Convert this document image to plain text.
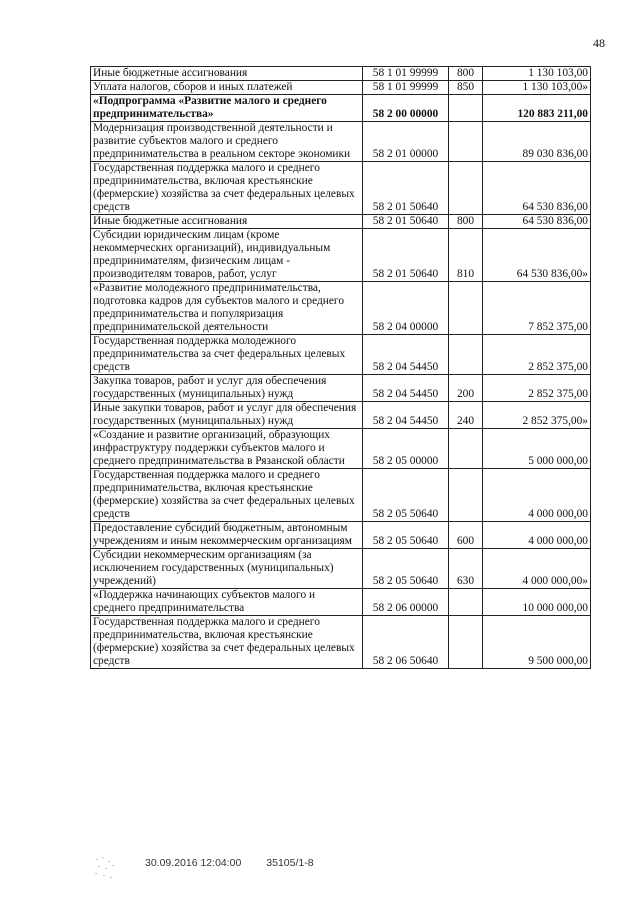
48
Иные бюджетные ассигнования	58 1 01 99999	800	1 130 103,00
Уплата налогов, сборов и иных платежей	58 1 01 99999	850	1 130 103,00»
«Подпрограмма «Развитие малого и среднего предпринимательства»	58 2 00 00000		120 883 211,00
Модернизация производственной деятельности и развитие субъектов малого и среднего предпринимательства в реальном секторе экономики	58 2 01 00000		89 030 836,00
Государственная поддержка малого и среднего предпринимательства, включая крестьянские (фермерские) хозяйства за счет федеральных целевых средств	58 2 01 50640		64 530 836,00
Иные бюджетные ассигнования	58 2 01 50640	800	64 530 836,00
Субсидии юридическим лицам (кроме некоммерческих организаций), индивидуальным предпринимателям, физическим лицам - производителям товаров, работ, услуг	58 2 01 50640	810	64 530 836,00»
«Развитие молодежного предпринимательства, подготовка кадров для субъектов малого и среднего предпринимательства и популяризация предпринимательской деятельности	58 2 04 00000		7 852 375,00
Государственная поддержка молодежного предпринимательства за счет федеральных целевых средств	58 2 04 54450		2 852 375,00
Закупка товаров, работ и услуг для обеспечения государственных (муниципальных) нужд	58 2 04 54450	200	2 852 375,00
Иные закупки товаров, работ и услуг для обеспечения государственных (муниципальных) нужд	58 2 04 54450	240	2 852 375,00»
«Создание и развитие организаций, образующих инфраструктуру поддержки субъектов малого и среднего предпринимательства в Рязанской области	58 2 05 00000		5 000 000,00
Государственная поддержка малого и среднего предпринимательства, включая крестьянские (фермерские) хозяйства за счет федеральных целевых средств	58 2 05 50640		4 000 000,00
Предоставление субсидий бюджетным, автономным учреждениям и иным некоммерческим организациям	58 2 05 50640	600	4 000 000,00
Субсидии некоммерческим организациям (за исключением государственных (муниципальных) учреждений)	58 2 05 50640	630	4 000 000,00»
«Поддержка начинающих субъектов малого и среднего предпринимательства	58 2 06 00000		10 000 000,00
Государственная поддержка малого и среднего предпринимательства, включая крестьянские (фермерские) хозяйства за счет федеральных целевых средств	58 2 06 50640		9 500 000,00
30.09.2016 12:04:00 35105/1-8
